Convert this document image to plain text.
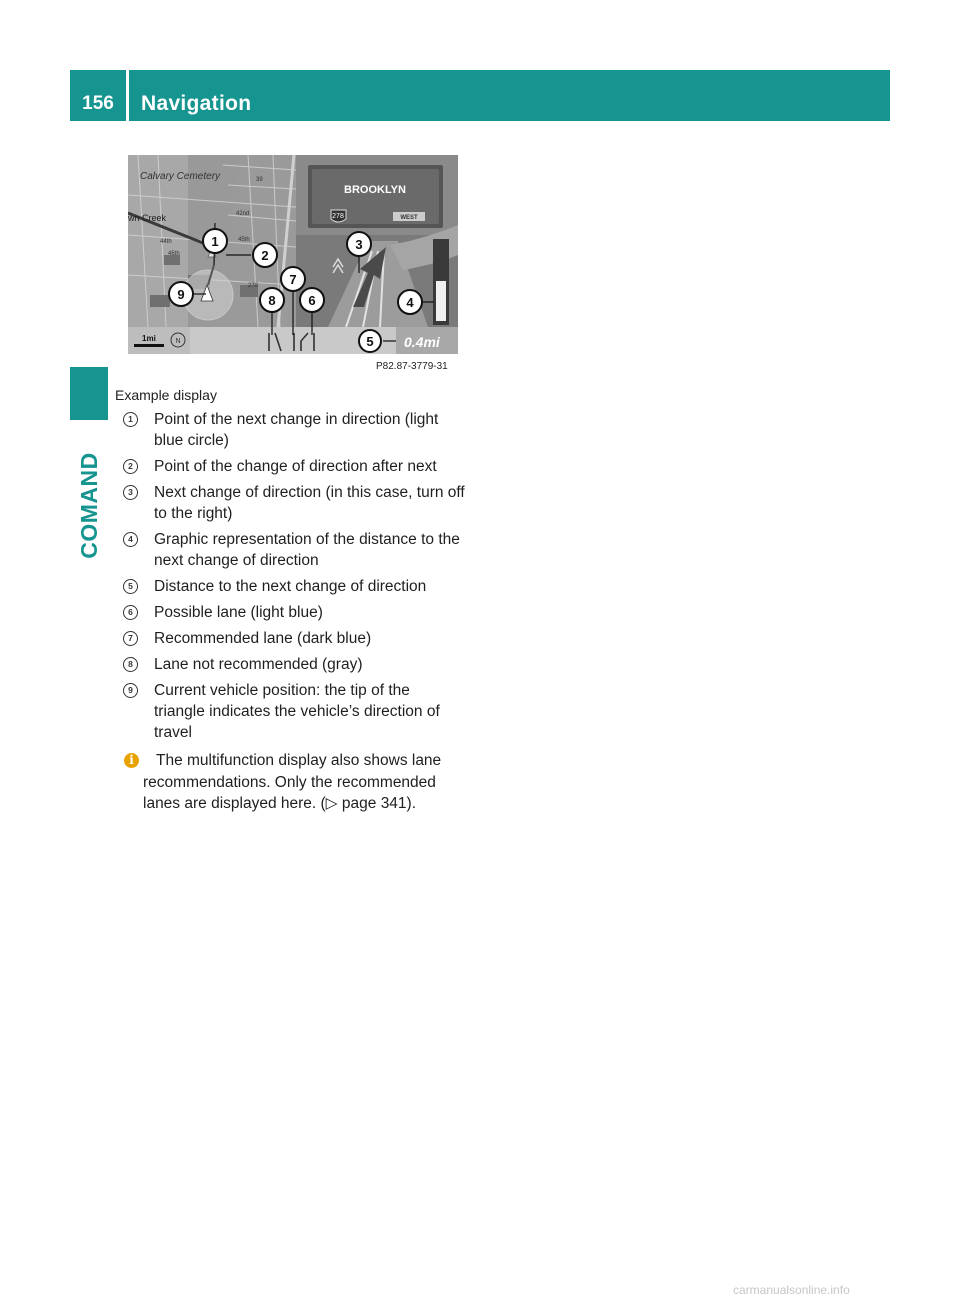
156	Navigation
COMAND
Calvary Cemetery
wn Creek	42nd
44th	45th
46th
39
278
BROOKLYN
278	WEST
1mi	N	0.4mi
1
2
3
4
5
6
7
8
9
P82.87-3779-31
Example display
1	Point of the next change in direction (light blue circle)
2	Point of the change of direction after next
3	Next change of direction (in this case, turn off to the right)
4	Graphic representation of the distance to the next change of direction
5	Distance to the next change of direction
6	Possible lane (light blue)
7	Recommended lane (dark blue)
8	Lane not recommended (gray)
9	Current vehicle position: the tip of the triangle indicates the vehicle’s direction of travel
i	The multifunction display also shows lane recommendations. Only the recommended lanes are displayed here. (▷ page 341).

carmanualsonline.info
